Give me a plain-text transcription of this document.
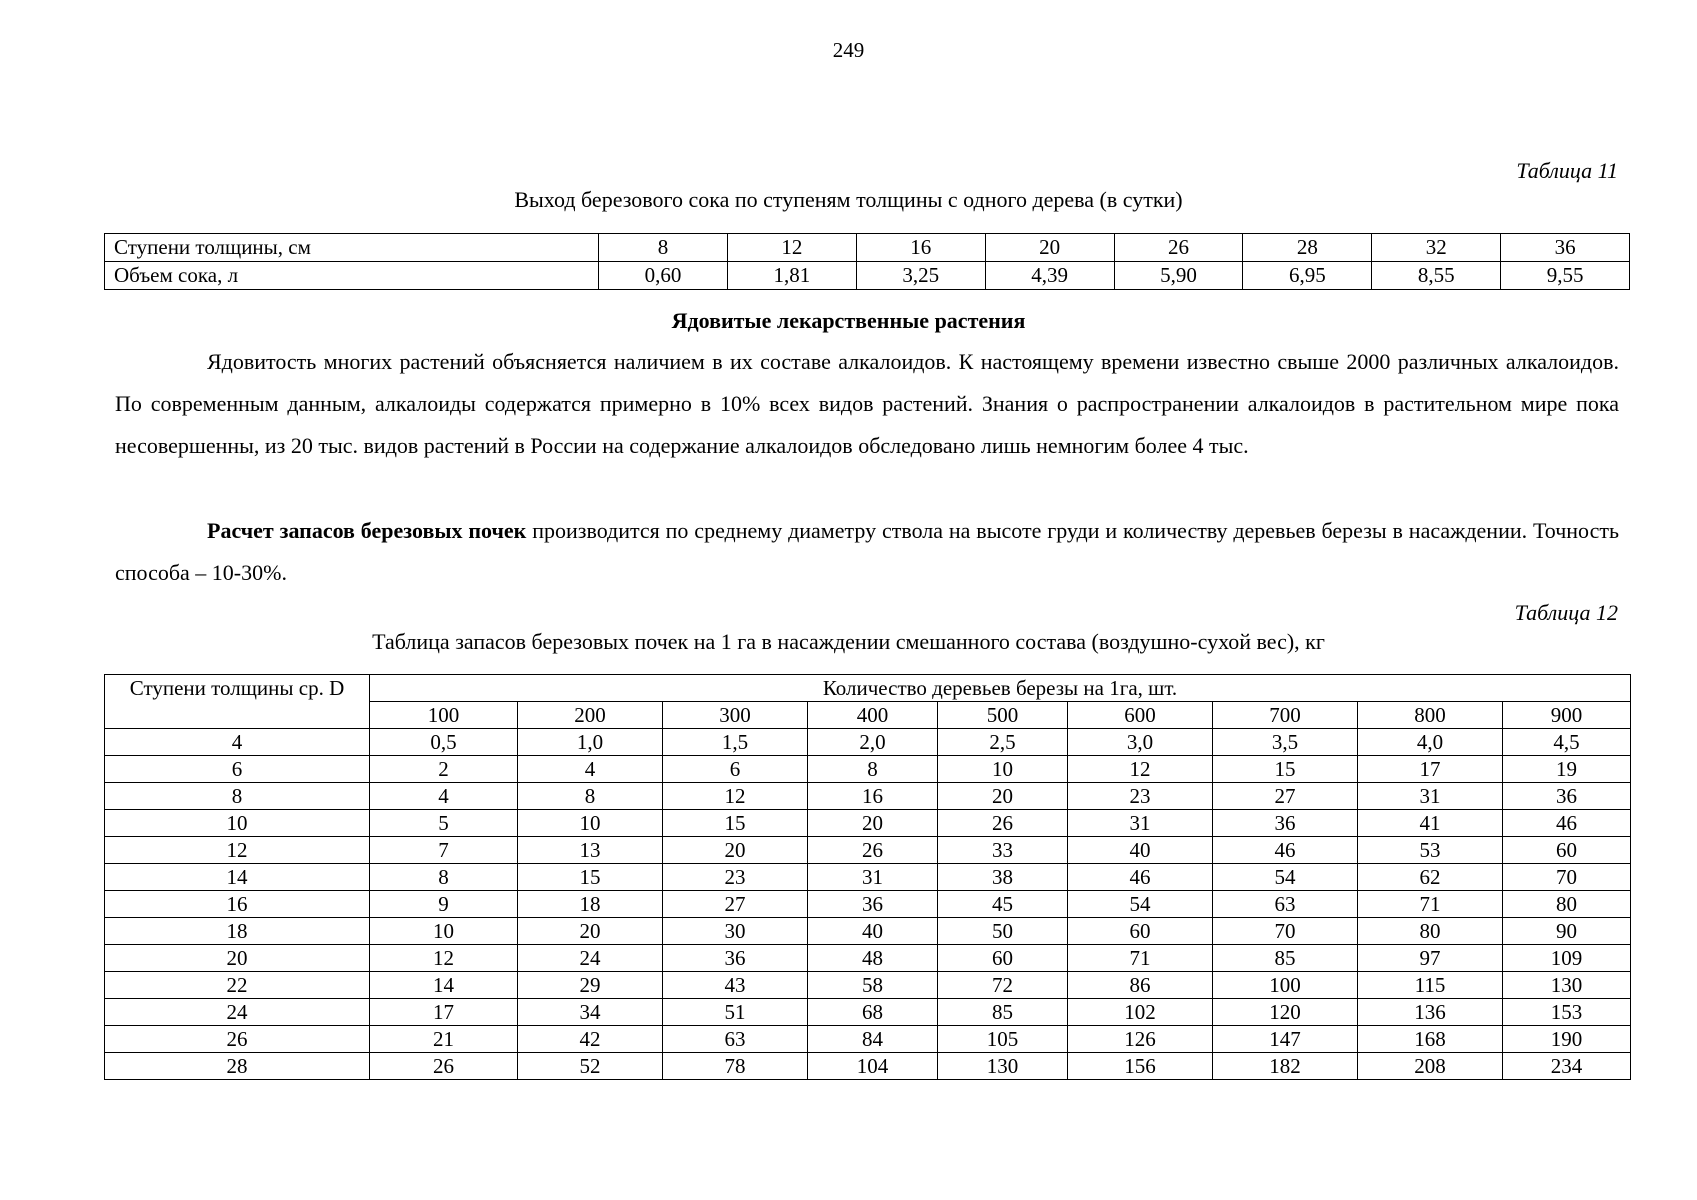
249
Таблица 11
Выход березового сока по ступеням толщины с одного дерева (в сутки)
Ступени толщины, см	8	12	16	20	26	28	32	36
Объем сока, л	0,60	1,81	3,25	4,39	5,90	6,95	8,55	9,55
Ядовитые лекарственные растения

Ядовитость многих растений объясняется наличием в их составе алкалоидов. К настоящему времени известно свыше 2000 различных алкалоидов. По современным данным, алкалоиды содержатся примерно в 10% всех видов растений. Знания о распространении алкалоидов в растительном мире пока несовершенны, из 20 тыс. видов растений в России на содержание алкалоидов обследовано лишь немногим более 4 тыс.

Расчет запасов березовых почек производится по среднему диаметру ствола на высоте груди и количеству деревьев березы в насаждении. Точность способа – 10-30%.

Таблица 12
Таблица запасов березовых почек на 1 га в насаждении смешанного состава (воздушно-сухой вес), кг
Ступени толщины ср. D	Количество деревьев березы на 1га, шт.								
	100	200	300	400	500	600	700	800	900
4	0,5	1,0	1,5	2,0	2,5	3,0	3,5	4,0	4,5
6	2	4	6	8	10	12	15	17	19
8	4	8	12	16	20	23	27	31	36
10	5	10	15	20	26	31	36	41	46
12	7	13	20	26	33	40	46	53	60
14	8	15	23	31	38	46	54	62	70
16	9	18	27	36	45	54	63	71	80
18	10	20	30	40	50	60	70	80	90
20	12	24	36	48	60	71	85	97	109
22	14	29	43	58	72	86	100	115	130
24	17	34	51	68	85	102	120	136	153
26	21	42	63	84	105	126	147	168	190
28	26	52	78	104	130	156	182	208	234
